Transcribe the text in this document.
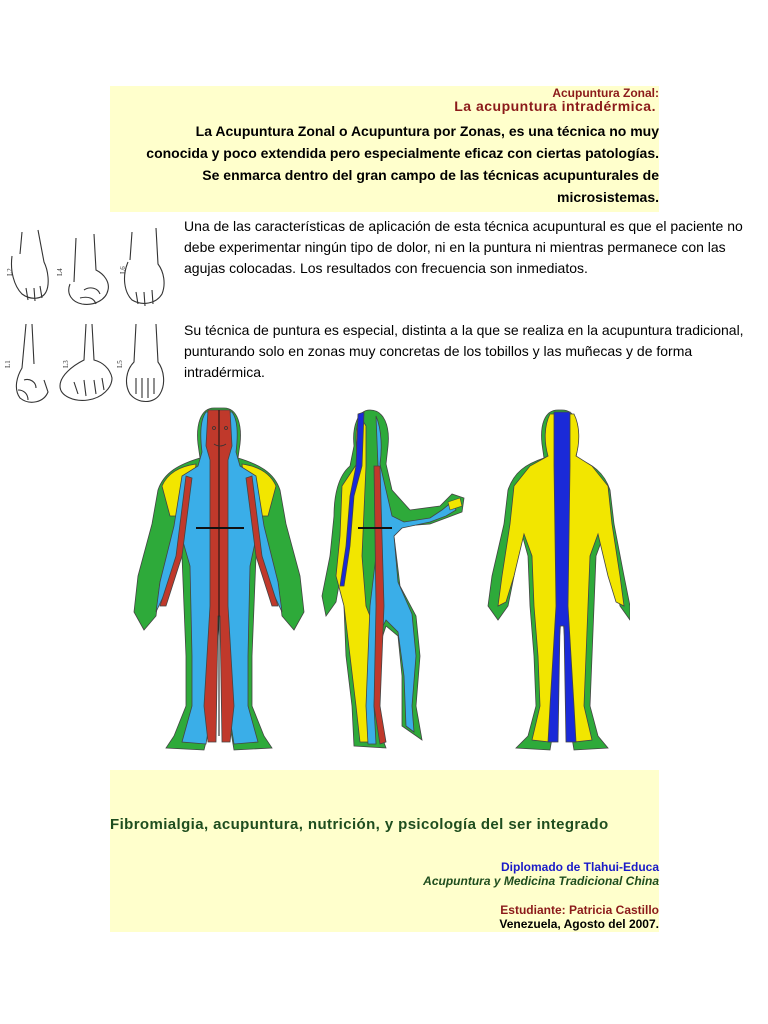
Acupuntura Zonal:
La acupuntura intradérmica.
La Acupuntura Zonal o Acupuntura por Zonas, es una técnica no muy conocida y poco extendida pero especialmente eficaz con ciertas patologías. Se enmarca dentro del gran campo de las técnicas acupunturales de microsistemas.
L2	L4	L6
L1	L3	L5
Una de las características de aplicación de esta técnica acupuntural es que el paciente no debe experimentar ningún tipo de dolor, ni en la puntura ni mientras permanece con las agujas colocadas. Los resultados con frecuencia son inmediatos.
Su técnica de puntura es especial, distinta a la que se realiza en la acupuntura tradicional, punturando solo en zonas muy concretas de los tobillos y las muñecas y de forma intradérmica.
Fibromialgia, acupuntura, nutrición, y psicología del ser integrado
Diplomado de Tlahui-Educa
Acupuntura y Medicina Tradicional China
Estudiante: Patricia Castillo
Venezuela, Agosto del 2007.
